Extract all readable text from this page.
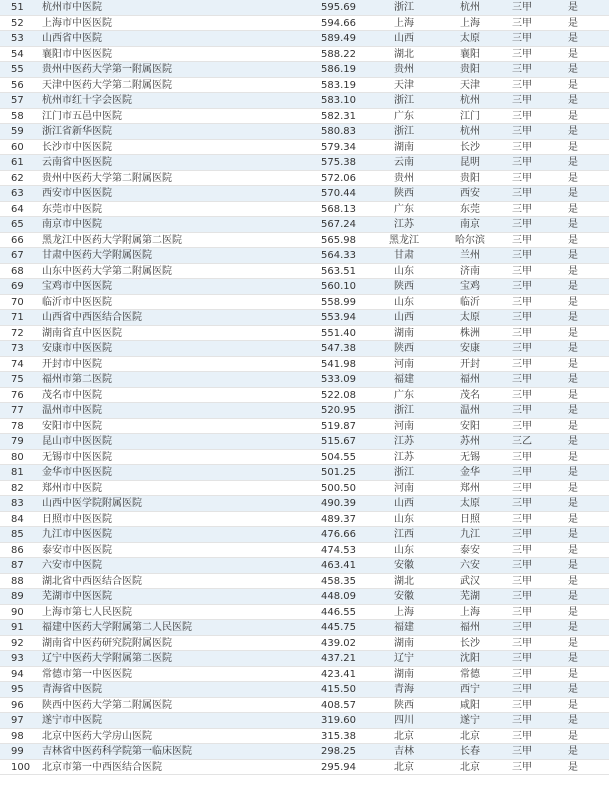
51	杭州市中医院	595.69	浙江	杭州	三甲	是
52	上海市中医医院	594.66	上海	上海	三甲	是
53	山西省中医院	589.49	山西	太原	三甲	是
54	襄阳市中医医院	588.22	湖北	襄阳	三甲	是
55	贵州中医药大学第一附属医院	586.19	贵州	贵阳	三甲	是
56	天津中医药大学第二附属医院	583.19	天津	天津	三甲	是
57	杭州市红十字会医院	583.10	浙江	杭州	三甲	是
58	江门市五邑中医院	582.31	广东	江门	三甲	是
59	浙江省新华医院	580.83	浙江	杭州	三甲	是
60	长沙市中医医院	579.34	湖南	长沙	三甲	是
61	云南省中医医院	575.38	云南	昆明	三甲	是
62	贵州中医药大学第二附属医院	572.06	贵州	贵阳	三甲	是
63	西安市中医医院	570.44	陕西	西安	三甲	是
64	东莞市中医院	568.13	广东	东莞	三甲	是
65	南京市中医院	567.24	江苏	南京	三甲	是
66	黑龙江中医药大学附属第二医院	565.98	黑龙江	哈尔滨	三甲	是
67	甘肃中医药大学附属医院	564.33	甘肃	兰州	三甲	是
68	山东中医药大学第二附属医院	563.51	山东	济南	三甲	是
69	宝鸡市中医医院	560.10	陕西	宝鸡	三甲	是
70	临沂市中医医院	558.99	山东	临沂	三甲	是
71	山西省中西医结合医院	553.94	山西	太原	三甲	是
72	湖南省直中医医院	551.40	湖南	株洲	三甲	是
73	安康市中医医院	547.38	陕西	安康	三甲	是
74	开封市中医院	541.98	河南	开封	三甲	是
75	福州市第二医院	533.09	福建	福州	三甲	是
76	茂名市中医院	522.08	广东	茂名	三甲	是
77	温州市中医院	520.95	浙江	温州	三甲	是
78	安阳市中医院	519.87	河南	安阳	三甲	是
79	昆山市中医医院	515.67	江苏	苏州	三乙	是
80	无锡市中医医院	504.55	江苏	无锡	三甲	是
81	金华市中医医院	501.25	浙江	金华	三甲	是
82	郑州市中医院	500.50	河南	郑州	三甲	是
83	山西中医学院附属医院	490.39	山西	太原	三甲	是
84	日照市中医医院	489.37	山东	日照	三甲	是
85	九江市中医医院	476.66	江西	九江	三甲	是
86	泰安市中医医院	474.53	山东	泰安	三甲	是
87	六安市中医院	463.41	安徽	六安	三甲	是
88	湖北省中西医结合医院	458.35	湖北	武汉	三甲	是
89	芜湖市中医医院	448.09	安徽	芜湖	三甲	是
90	上海市第七人民医院	446.55	上海	上海	三甲	是
91	福建中医药大学附属第二人民医院	445.75	福建	福州	三甲	是
92	湖南省中医药研究院附属医院	439.02	湖南	长沙	三甲	是
93	辽宁中医药大学附属第二医院	437.21	辽宁	沈阳	三甲	是
94	常德市第一中医医院	423.41	湖南	常德	三甲	是
95	青海省中医院	415.50	青海	西宁	三甲	是
96	陕西中医药大学第二附属医院	408.57	陕西	咸阳	三甲	是
97	遂宁市中医院	319.60	四川	遂宁	三甲	是
98	北京中医药大学房山医院	315.38	北京	北京	三甲	是
99	吉林省中医药科学院第一临床医院	298.25	吉林	长春	三甲	是
100	北京市第一中西医结合医院	295.94	北京	北京	三甲	是
